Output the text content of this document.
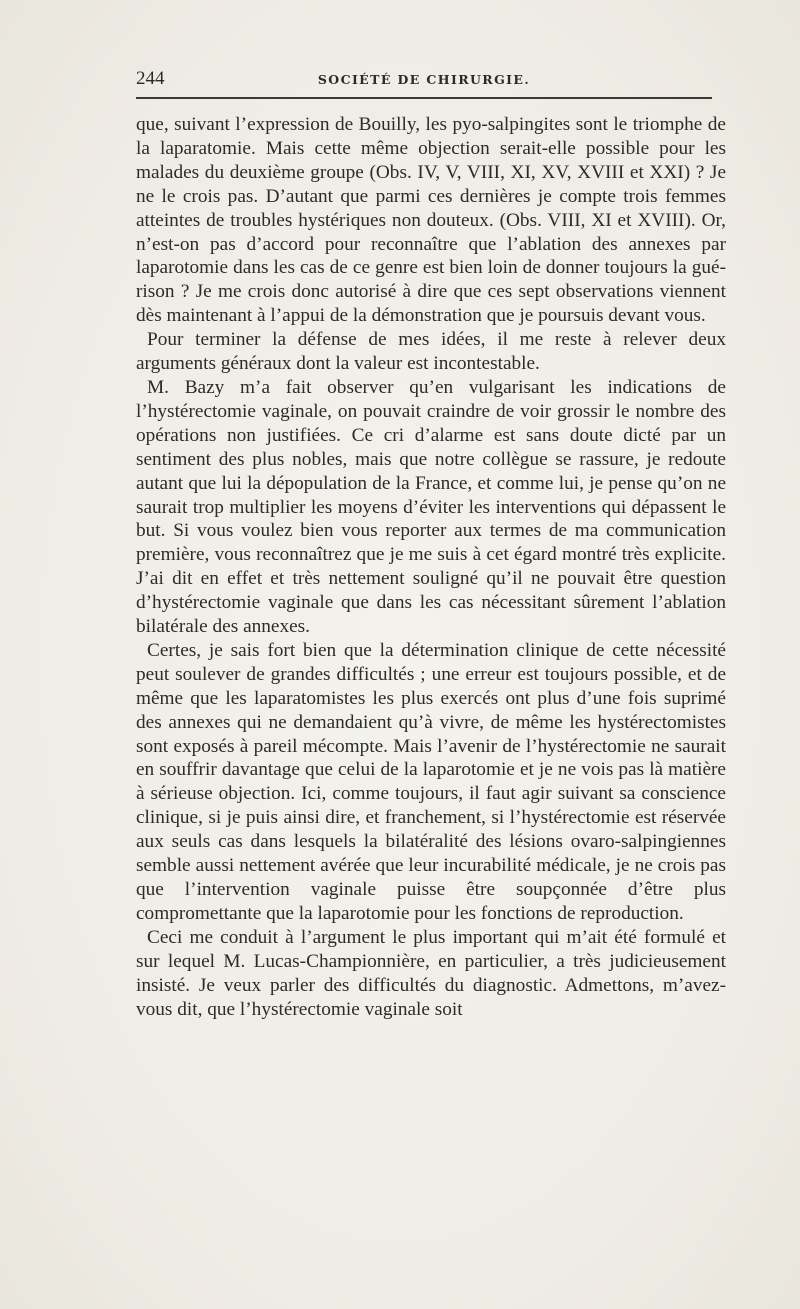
244	SOCIÉTÉ DE CHIRURGIE.

que, suivant l’expression de Bouilly, les pyo-salpingites sont le triomphe de la laparatomie. Mais cette même objection serait-elle possible pour les malades du deuxième groupe (Obs. IV, V, VIII, XI, XV, XVIII et XXI) ? Je ne le crois pas. D’autant que parmi ces dernières je compte trois femmes atteintes de troubles hystériques non douteux. (Obs. VIII, XI et XVIII). Or, n’est-on pas d’accord pour reconnaître que l’ablation des annexes par laparotomie dans les cas de ce genre est bien loin de donner toujours la guérison ? Je me crois donc autorisé à dire que ces sept observations viennent dès maintenant à l’appui de la démonstration que je poursuis devant vous.

Pour terminer la défense de mes idées, il me reste à relever deux arguments généraux dont la valeur est incontestable.

M. Bazy m’a fait observer qu’en vulgarisant les indications de l’hystérectomie vaginale, on pouvait craindre de voir grossir le nombre des opérations non justifiées. Ce cri d’alarme est sans doute dicté par un sentiment des plus nobles, mais que notre collègue se rassure, je redoute autant que lui la dépopulation de la France, et comme lui, je pense qu’on ne saurait trop multiplier les moyens d’éviter les interventions qui dépassent le but. Si vous voulez bien vous reporter aux termes de ma communication première, vous reconnaîtrez que je me suis à cet égard montré très explicite. J’ai dit en effet et très nettement souligné qu’il ne pouvait être question d’hystérectomie vaginale que dans les cas nécessitant sûrement l’ablation bilatérale des annexes.

Certes, je sais fort bien que la détermination clinique de cette nécessité peut soulever de grandes difficultés ; une erreur est toujours possible, et de même que les laparatomistes les plus exercés ont plus d’une fois suprimé des annexes qui ne demandaient qu’à vivre, de même les hystérectomistes sont exposés à pareil mécompte. Mais l’avenir de l’hystérectomie ne saurait en souffrir davantage que celui de la laparotomie et je ne vois pas là matière à sérieuse objection. Ici, comme toujours, il faut agir suivant sa conscience clinique, si je puis ainsi dire, et franchement, si l’hystérectomie est réservée aux seuls cas dans lesquels la bilatéralité des lésions ovaro-salpingiennes semble aussi nettement avérée que leur incurabilité médicale, je ne crois pas que l’intervention vaginale puisse être soupçonnée d’être plus compromettante que la laparotomie pour les fonctions de reproduction.

Ceci me conduit à l’argument le plus important qui m’ait été formulé et sur lequel M. Lucas-Championnière, en particulier, a très judicieusement insisté. Je veux parler des difficultés du diagnostic. Admettons, m’avez-vous dit, que l’hystérectomie vaginale soit
